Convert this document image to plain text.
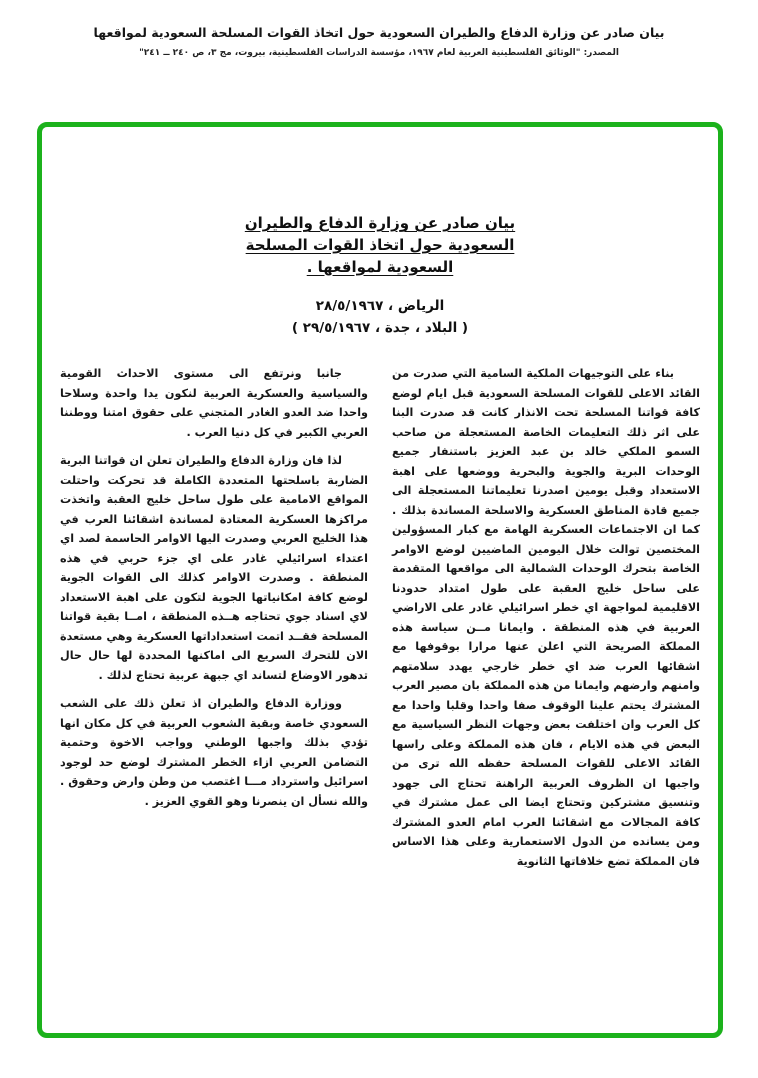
بيان صادر عن وزارة الدفاع والطيران السعودية حول اتخاذ القوات المسلحة السعودية لمواقعها
المصدر: "الوثائق الفلسطينية العربية لعام ١٩٦٧، مؤسسة الدراسات الفلسطينية، بيروت، مج ٣، ص ٢٤٠ ــ ٢٤١"
بيان صادر عن وزارة الدفاع والطيران
السعودية حول اتخاذ القوات المسلحة
السعودية لمواقعها .
الرياض ، ٢٨/٥/١٩٦٧
( البلاد ، جدة ، ٢٩/٥/١٩٦٧ )

بناء على التوجيهات الملكية السامية التي صدرت من القائد الاعلى للقوات المسلحة السعودية قبل ايام لوضع كافة قواتنا المسلحة تحت الانذار كانت قد صدرت البنا على اثر ذلك التعليمات الخاصة المستعجلة من صاحب السمو الملكي خالد بن عبد العزيز باستنفار جميع الوحدات البرية والجوية والبحرية ووضعها على اهبة الاستعداد وقبل يومين اصدرنا تعليماتنا المستعجلة الى جميع قادة المناطق العسكرية والاسلحة المساندة بذلك . كما ان الاجتماعات العسكرية الهامة مع كبار المسؤولين المختصين توالت خلال اليومين الماضيين لوضع الاوامر الخاصة بتحرك الوحدات الشمالية الى مواقعها المتقدمة على ساحل خليج العقبة على طول امتداد حدودنا الاقليمية لمواجهة اي خطر اسرائيلي غادر على الاراضي العربية في هذه المنطقة . وايمانا مــن سياسة هذه المملكة الصريحة التي اعلن عنها مرارا بوقوفها مع اشقائها العرب ضد اي خطر خارجي يهدد سلامتهم وامنهم وارضهم وايمانا من هذه المملكة بان مصير العرب المشترك يحتم علينا الوقوف صفا واحدا وقلبا واحدا مع كل العرب وان اختلفت بعض وجهات النظر السياسية مع البعض في هذه الايام ، فان هذه المملكة وعلى راسها القائد الاعلى للقوات المسلحة حفظه الله ترى من واجبها ان الظروف العربية الراهنة تحتاج الى جهود وتنسيق مشتركين وتحتاج ايضا الى عمل مشترك في كافة المجالات مع اشقائنا العرب امام العدو المشترك ومن يسانده من الدول الاستعمارية وعلى هذا الاساس فان المملكة تضع خلافاتها الثانوية

جانبا ونرتفع الى مستوى الاحداث القومية والسياسية والعسكرية العربية لنكون يدا واحدة وسلاحا واحدا ضد العدو الغادر المتجني على حقوق امتنا ووطننا العربي الكبير في كل دنيا العرب .

لذا فان وزارة الدفاع والطيران تعلن ان قواتنا البرية الضاربة باسلحتها المتعددة الكاملة قد تحركت واحتلت المواقع الامامية على طول ساحل خليج العقبة واتخذت مراكزها العسكرية المعتادة لمساندة اشقائنا العرب في هذا الخليج العربي وصدرت اليها الاوامر الحاسمة لصد اي اعتداء اسرائيلي غادر على اي جزء حربي في هذه المنطقة . وصدرت الاوامر كذلك الى القوات الجوية لوضع كافة امكانياتها الجوية لتكون على اهبة الاستعداد لاي اسناد جوي تحتاجه هــذه المنطقة ، امــا بقية قواتنا المسلحة فقــد اتمت استعداداتها العسكرية وهي مستعدة الان للتحرك السريع الى اماكنها المحددة لها حال حال تدهور الاوضاع لتساند اي جبهة عربية تحتاج لذلك .

ووزارة الدفاع والطيران اذ تعلن ذلك على الشعب السعودي خاصة وبقية الشعوب العربية في كل مكان انها تؤدي بذلك واجبها الوطني وواجب الاخوة وحتمية التضامن العربي ازاء الخطر المشترك لوضع حد لوجود اسرائيل واسترداد مـــا اغتصب من وطن وارض وحقوق . والله نسأل ان ينصرنا وهو القوي العزيز .
